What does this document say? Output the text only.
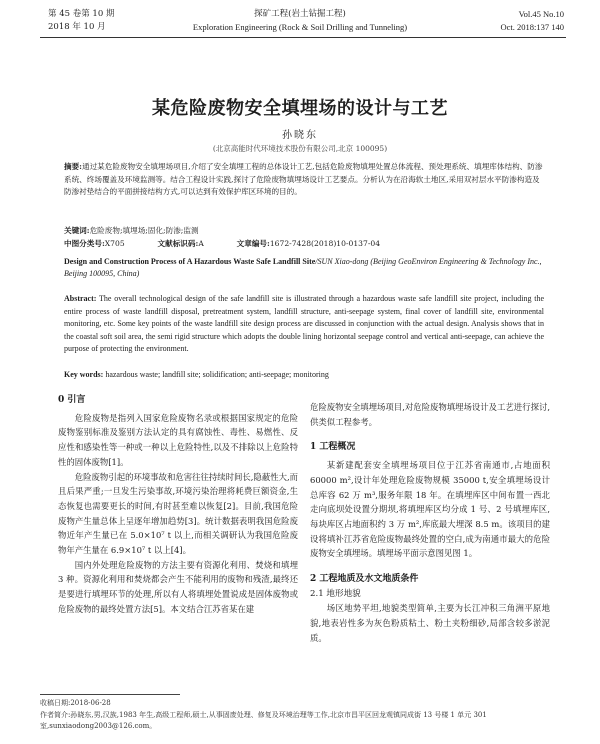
第 45 卷第 10 期
2018 年 10 月
探矿工程(岩土钻掘工程)
Exploration Engineering (Rock & Soil Drilling and Tunneling)
Vol.45 No.10
Oct. 2018:137 140
某危险废物安全填埋场的设计与工艺
孙晓东
(北京高能时代环境技术股份有限公司,北京 100095)
摘要:通过某危险废物安全填埋场项目,介绍了安全填埋工程的总体设计工艺,包括危险废物填埋处置总体流程、预处理系统、填埋库体结构、防渗系统、终场覆盖及环境监测等。结合工程设计实践,探讨了危险废物填埋场设计工艺要点。分析认为在沿海软土地区,采用双衬层水平防渗构造及防渗衬垫结合的平面拼接结构方式,可以达到有效保护库区环境的目的。
关键词:危险废物;填埋场;固化;防渗;监测
中图分类号:X705	文献标识码:A	文章编号:1672-7428(2018)10-0137-04
Design and Construction Process of A Hazardous Waste Safe Landfill Site/SUN Xiao-dong (Beijing GeoEnviron Engineering & Technology Inc., Beijing 100095, China)
Abstract: The overall technological design of the safe landfill site is illustrated through a hazardous waste safe landfill site project, including the entire process of waste landfill disposal, pretreatment system, landfill structure, anti-seepage system, final cover of landfill site, environmental monitoring, etc. Some key points of the waste landfill site design process are discussed in conjunction with the actual design. Analysis shows that in the coastal soft soil area, the semi rigid structure which adopts the double lining horizontal seepage control and vertical anti-seepage, can achieve the purpose of protecting the environment.
Key words: hazardous waste; landfill site; solidification; anti-seepage; monitoring
0 引言

危险废物是指列入国家危险废物名录或根据国家规定的危险废物鉴别标准及鉴别方法认定的具有腐蚀性、毒性、易燃性、反应性和感染性等一种或一种以上危险特性,以及不排除以上危险特性的固体废物[1]。

危险废物引起的环境事故和危害往往持续时间长,隐蔽性大,而且后果严重;一旦发生污染事故,环境污染治理将耗费巨额资金,生态恢复也需要更长的时间,有时甚至难以恢复[2]。目前,我国危险废物产生量总体上呈逐年增加趋势[3]。统计数据表明我国危险废物近年产生量已在 5.0×10⁷ t 以上,而相关调研认为我国危险废物年产生量在 6.9×10⁷ t 以上[4]。

国内外处理危险废物的方法主要有资源化利用、焚烧和填埋 3 种。资源化利用和焚烧都会产生不能利用的废物和残渣,最终还是要进行填埋环节的处理,所以有人将填埋处置说成是固体废物或危险废物的最终处置方法[5]。本文结合江苏省某在建

危险废物安全填埋场项目,对危险废物填埋场设计及工艺进行探讨,供类似工程参考。

1 工程概况

某新建配套安全填埋场项目位于江苏省南通市,占地面积 60000 m²,设计年处理危险废物规模 35000 t,安全填埋场设计总库容 62 万 m³,服务年限 18 年。在填埋库区中间布置一西北走向底坝处设置分期坝,将填埋库区均分成 1 号、2 号填埋库区,每块库区占地面积约 3 万 m²,库底最大埋深 8.5 m。该项目的建设将填补江苏省危险废物最终处置的空白,成为南通市最大的危险废物安全填埋场。填埋场平面示意图见图 1。

2 工程地质及水文地质条件
2.1 地形地貌

场区地势平坦,地貌类型简单,主要为长江冲积三角洲平原地貌,地表岩性多为灰色粉质粘土、粉土夹粉细砂,局部含较多淤泥质。

收稿日期:2018-06-28
作者简介:孙晓东,男,汉族,1983 年生,高级工程师,硕士,从事固废处理、修复及环境治理等工作,北京市昌平区回龙观镇同成街 13 号楼 1 单元 301 室,sunxiaodong2003@126.com。
